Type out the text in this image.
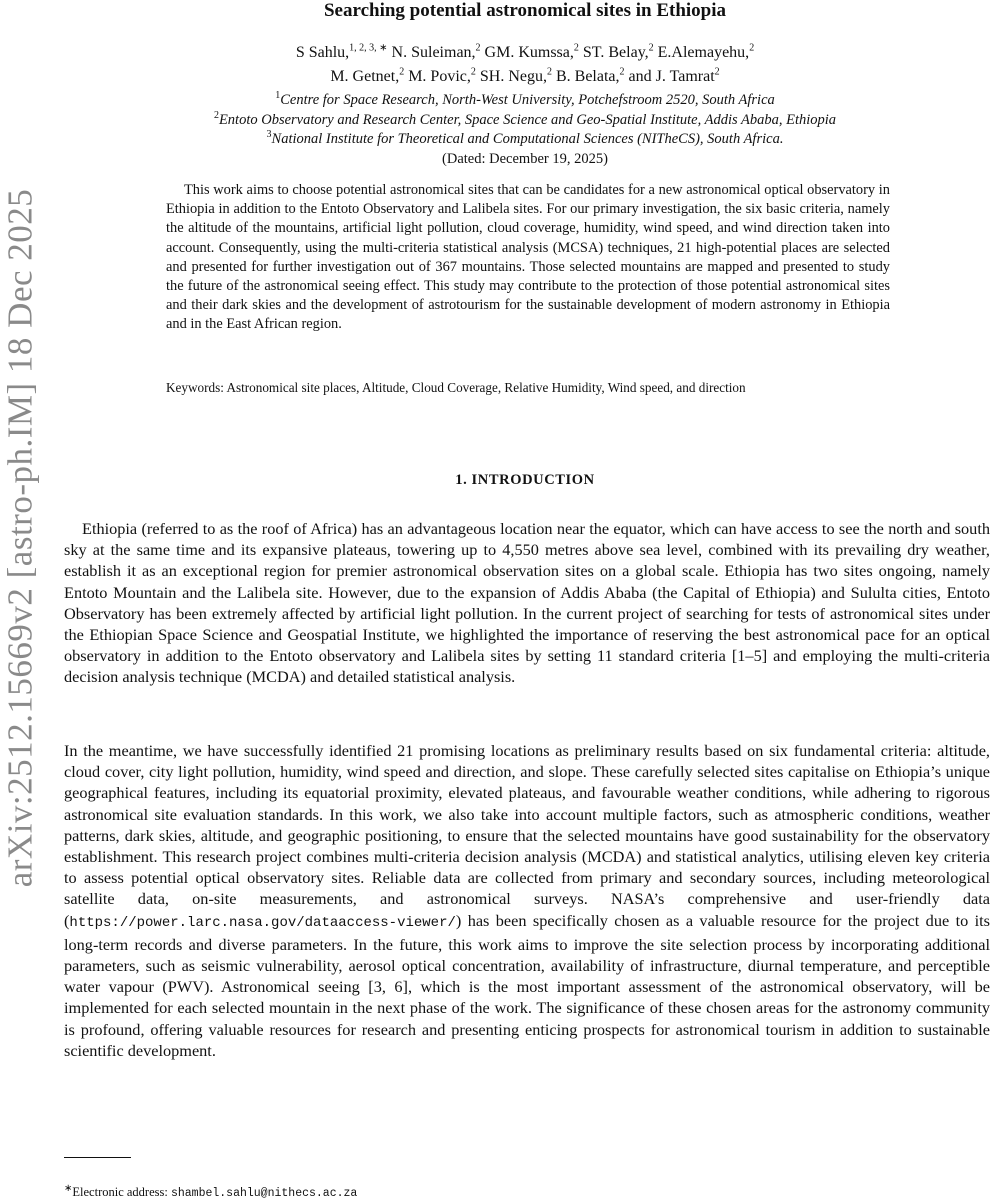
arXiv:2512.15669v2 [astro-ph.IM] 18 Dec 2025
Searching potential astronomical sites in Ethiopia
S Sahlu,$^{1, 2, 3, ∗}$ N. Suleiman,$^2$ GM. Kumssa,$^2$ ST. Belay,$^2$ E.Alemayehu,$^2$
M. Getnet,$^2$ M. Povic,$^2$ SH. Negu,$^2$ B. Belata,$^2$ and J. Tamrat$^2$
$^1$Centre for Space Research, North-West University, Potchefstroom 2520, South Africa
$^2$Entoto Observatory and Research Center, Space Science and Geo-Spatial Institute, Addis Ababa, Ethiopia
$^3$National Institute for Theoretical and Computational Sciences (NITheCS), South Africa.
(Dated: December 19, 2025)

This work aims to choose potential astronomical sites that can be candidates for a new astronomical optical observatory in Ethiopia in addition to the Entoto Observatory and Lalibela sites. For our primary investigation, the six basic criteria, namely the altitude of the mountains, artificial light pollution, cloud coverage, humidity, wind speed, and wind direction taken into account. Consequently, using the multi-criteria statistical analysis (MCSA) techniques, 21 high-potential places are selected and presented for further investigation out of 367 mountains. Those selected mountains are mapped and presented to study the future of the astronomical seeing effect. This study may contribute to the protection of those potential astronomical sites and their dark skies and the development of astrotourism for the sustainable development of modern astronomy in Ethiopia and in the East African region.

Keywords: Astronomical site places, Altitude, Cloud Coverage, Relative Humidity, Wind speed, and direction
1. INTRODUCTION

Ethiopia (referred to as the roof of Africa) has an advantageous location near the equator, which can have access to see the north and south sky at the same time and its expansive plateaus, towering up to 4,550 metres above sea level, combined with its prevailing dry weather, establish it as an exceptional region for premier astronomical observation sites on a global scale. Ethiopia has two sites ongoing, namely Entoto Mountain and the Lalibela site. However, due to the expansion of Addis Ababa (the Capital of Ethiopia) and Sululta cities, Entoto Observatory has been extremely affected by artificial light pollution. In the current project of searching for tests of astronomical sites under the Ethiopian Space Science and Geospatial Institute, we highlighted the importance of reserving the best astronomical pace for an optical observatory in addition to the Entoto observatory and Lalibela sites by setting 11 standard criteria [1–5] and employing the multi-criteria decision analysis technique (MCDA) and detailed statistical analysis.

In the meantime, we have successfully identified 21 promising locations as preliminary results based on six fundamental criteria: altitude, cloud cover, city light pollution, humidity, wind speed and direction, and slope. These carefully selected sites capitalise on Ethiopia’s unique geographical features, including its equatorial proximity, elevated plateaus, and favourable weather conditions, while adhering to rigorous astronomical site evaluation standards. In this work, we also take into account multiple factors, such as atmospheric conditions, weather patterns, dark skies, altitude, and geographic positioning, to ensure that the selected mountains have good sustainability for the observatory establishment. This research project combines multi-criteria decision analysis (MCDA) and statistical analytics, utilising eleven key criteria to assess potential optical observatory sites. Reliable data are collected from primary and secondary sources, including meteorological satellite data, on-site measurements, and astronomical surveys. NASA’s comprehensive and user-friendly data (https://power.larc.nasa.gov/dataaccess-viewer/) has been specifically chosen as a valuable resource for the project due to its long-term records and diverse parameters. In the future, this work aims to improve the site selection process by incorporating additional parameters, such as seismic vulnerability, aerosol optical concentration, availability of infrastructure, diurnal temperature, and perceptible water vapour (PWV). Astronomical seeing [3, 6], which is the most important assessment of the astronomical observatory, will be implemented for each selected mountain in the next phase of the work. The significance of these chosen areas for the astronomy community is profound, offering valuable resources for research and presenting enticing prospects for astronomical tourism in addition to sustainable scientific development.

∗Electronic address: shambel.sahlu@nithecs.ac.za
